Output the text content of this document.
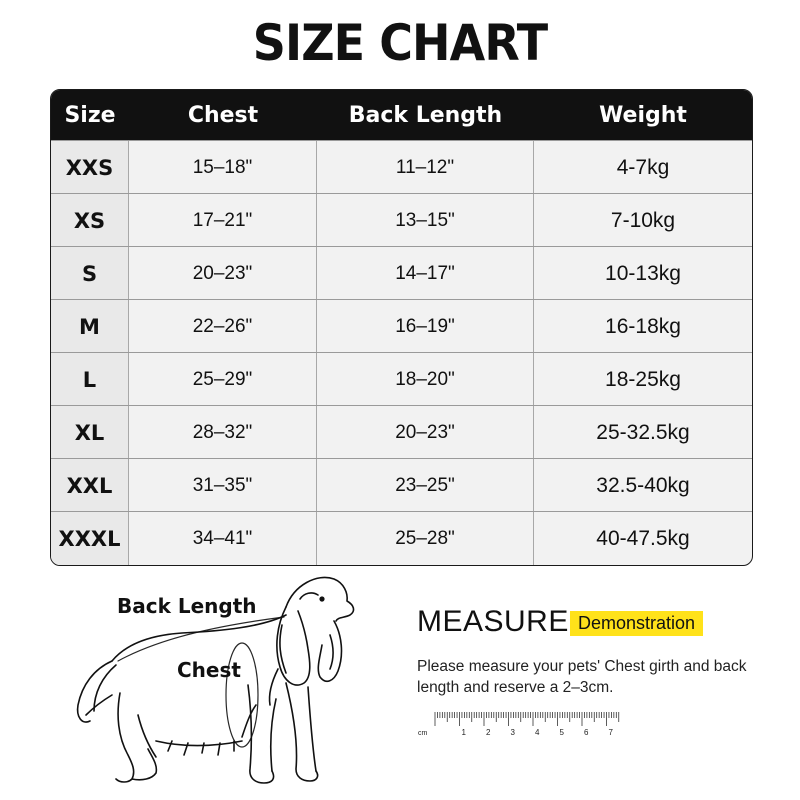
SIZE CHART
Size	Chest	Back Length	Weight
XXS	15–18"	11–12"	4-7kg
XS	17–21"	13–15"	7-10kg
S	20–23"	14–17"	10-13kg
M	22–26"	16–19"	16-18kg
L	25–29"	18–20"	18-25kg
XL	28–32"	20–23"	25-32.5kg
XXL	31–35"	23–25"	32.5-40kg
XXXL	34–41"	25–28"	40-47.5kg
Back Length
Chest
MEASURE Demonstration
Please measure your pets' Chest girth and back length and reserve a 2–3cm.
cm	1	2	3	4	5	6	7
